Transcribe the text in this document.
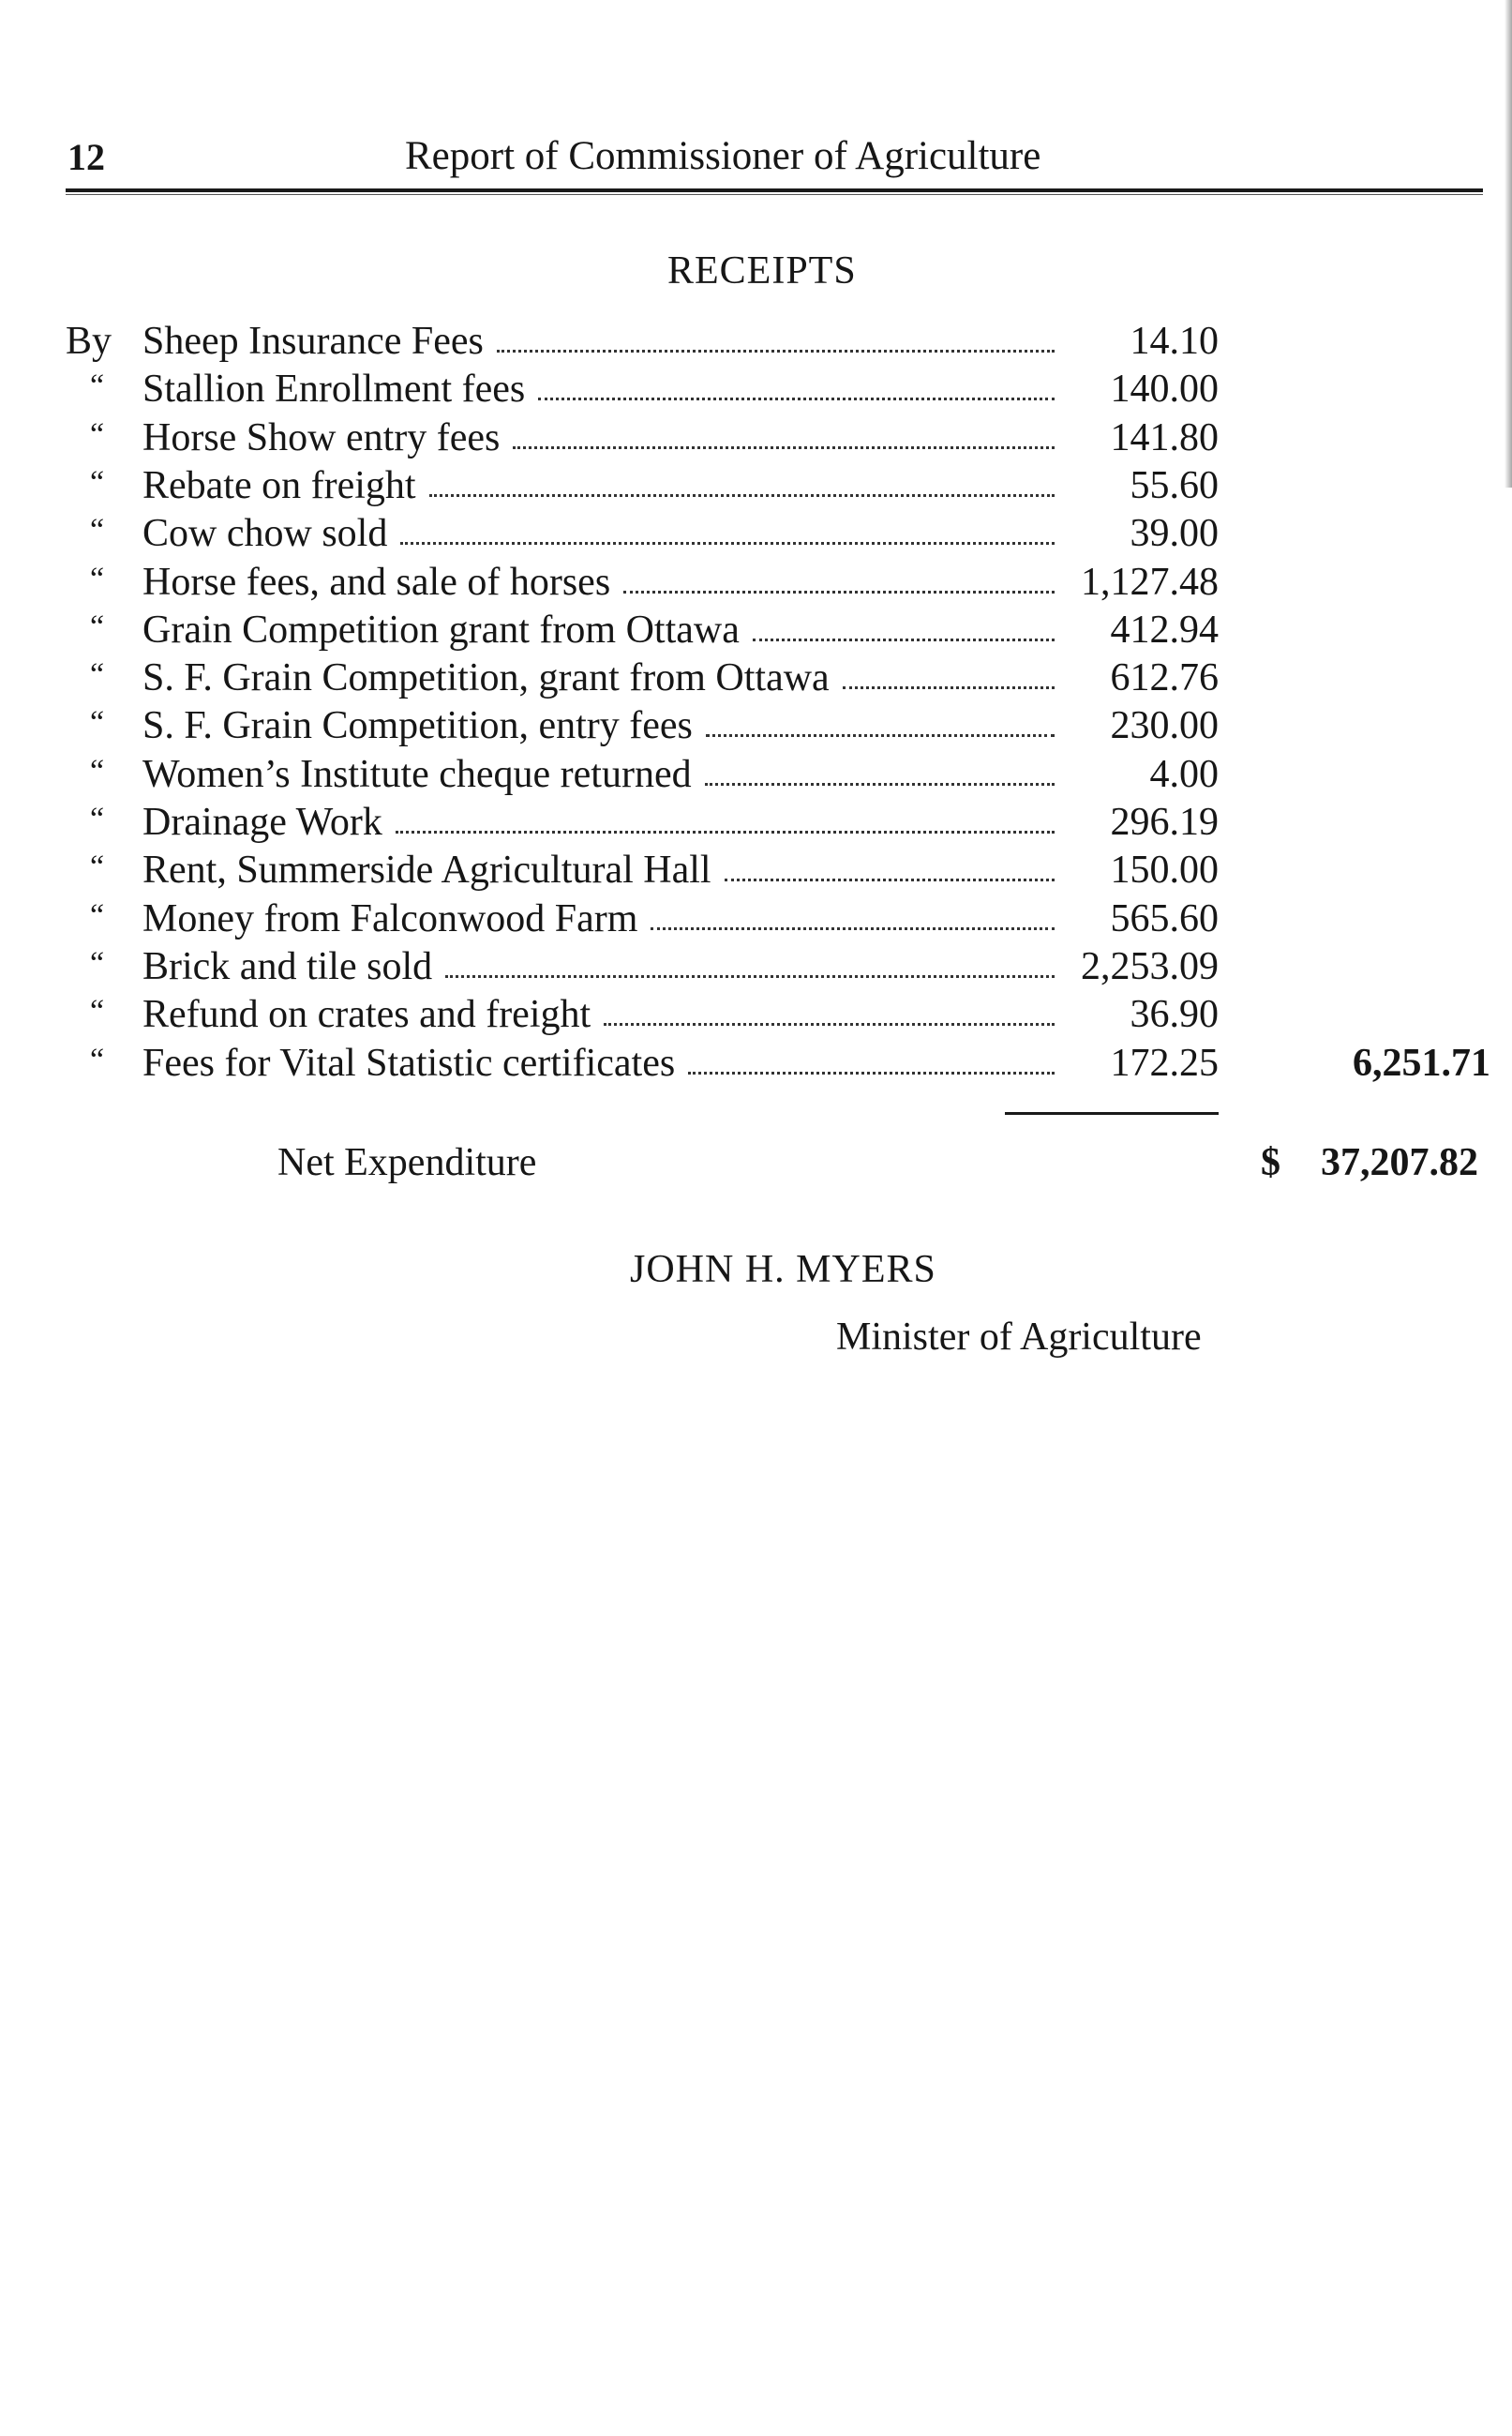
12	Report of Commissioner of Agriculture
RECEIPTS
By Sheep Insurance Fees	14.10
“ Stallion Enrollment fees	140.00
“ Horse Show entry fees	141.80
“ Rebate on freight	55.60
“ Cow chow sold	39.00
“ Horse fees, and sale of horses	1,127.48
“ Grain Competition grant from Ottawa	412.94
“ S. F. Grain Competition, grant from Ottawa	612.76
“ S. F. Grain Competition, entry fees	230.00
“ Women’s Institute cheque returned	4.00
“ Drainage Work	296.19
“ Rent, Summerside Agricultural Hall	150.00
“ Money from Falconwood Farm	565.60
“ Brick and tile sold	2,253.09
“ Refund on crates and freight	36.90
“ Fees for Vital Statistic certificates	172.25	6,251.71
Net Expenditure	$ 37,207.82
JOHN H. MYERS
Minister of Agriculture
